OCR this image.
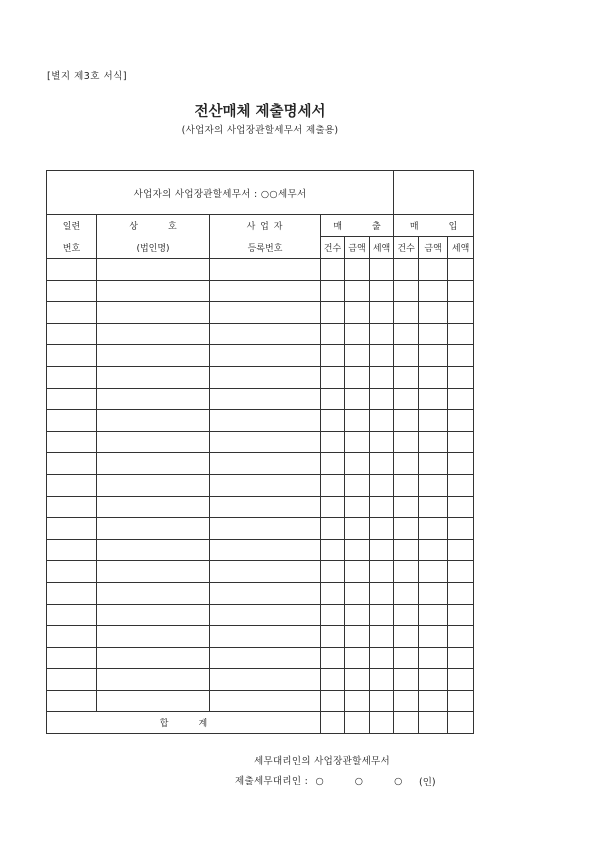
[별지 제3호 서식]
전산매체 제출명세서
(사업자의 사업장관할세무서 제출용)
사업자의 사업장관할세무서 : ○○세무서								
일련	상 호	사 업 자	매 출			매 입		
번호	(법인명)	등록번호	건수	금액	세액	건수	금액	세액

합 계								
세무대리인의 사업장관할세무서
제출세무대리인 : ○ ○ ○ (인)
